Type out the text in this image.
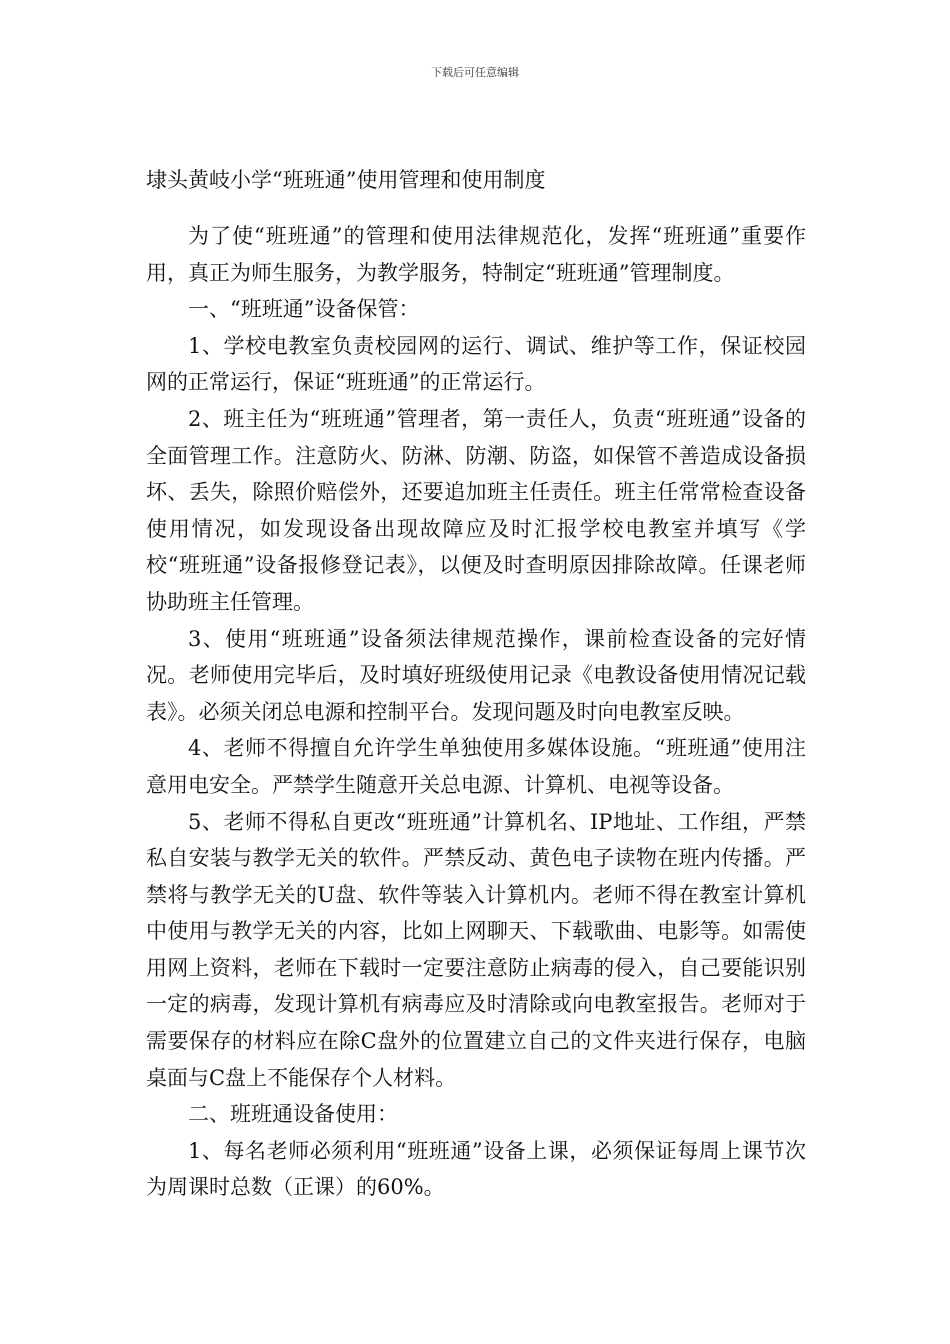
下载后可任意编辑
埭头黄岐小学“班班通”使用管理和使用制度

为了使“班班通”的管理和使用法律规范化，发挥“班班通”重要作用，真正为师生服务，为教学服务，特制定“班班通”管理制度。

一、“班班通”设备保管：

1、学校电教室负责校园网的运行、调试、维护等工作，保证校园网的正常运行，保证“班班通”的正常运行。

2、班主任为“班班通”管理者，第一责任人，负责“班班通”设备的全面管理工作。注意防火、防淋、防潮、防盗，如保管不善造成设备损坏、丢失，除照价赔偿外，还要追加班主任责任。班主任常常检查设备使用情况，如发现设备出现故障应及时汇报学校电教室并填写《学校“班班通”设备报修登记表》，以便及时查明原因排除故障。任课老师协助班主任管理。

3、使用“班班通”设备须法律规范操作，课前检查设备的完好情况。老师使用完毕后，及时填好班级使用记录《电教设备使用情况记载表》。必须关闭总电源和控制平台。发现问题及时向电教室反映。

4、老师不得擅自允许学生单独使用多媒体设施。“班班通”使用注意用电安全。严禁学生随意开关总电源、计算机、电视等设备。

5、老师不得私自更改“班班通”计算机名、IP地址、工作组，严禁私自安装与教学无关的软件。严禁反动、黄色电子读物在班内传播。严禁将与教学无关的U盘、软件等装入计算机内。老师不得在教室计算机中使用与教学无关的内容，比如上网聊天、下载歌曲、电影等。如需使用网上资料，老师在下载时一定要注意防止病毒的侵入，自己要能识别一定的病毒，发现计算机有病毒应及时清除或向电教室报告。老师对于需要保存的材料应在除C盘外的位置建立自己的文件夹进行保存，电脑桌面与C盘上不能保存个人材料。

二、班班通设备使用：

1、每名老师必须利用“班班通”设备上课，必须保证每周上课节次为周课时总数（正课）的60%。
